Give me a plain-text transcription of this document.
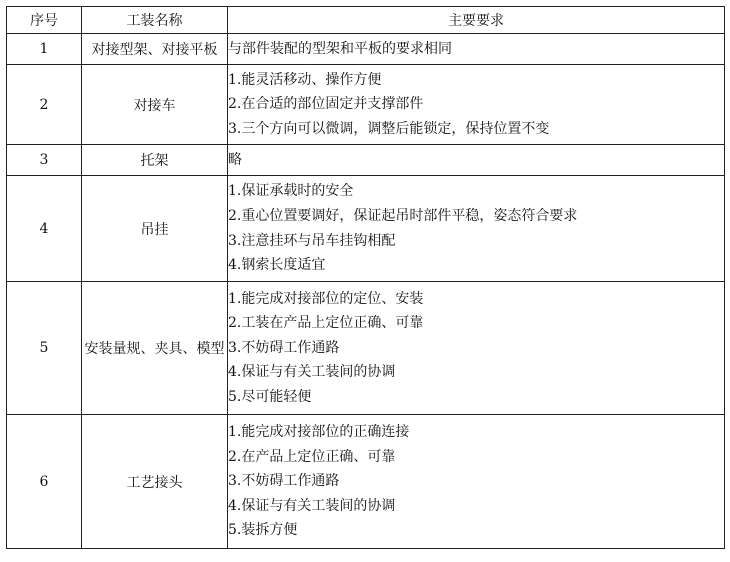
序号	工装名称	主要要求
1	对接型架、对接平板	与部件装配的型架和平板的要求相同

2	对接车	1.能灵活移动、操作方便
2.在合适的部位固定并支撑部件
3.三个方向可以微调，调整后能锁定，保持位置不变

3	托架	略

4	吊挂	1.保证承载时的安全
2.重心位置要调好，保证起吊时部件平稳，姿态符合要求
3.注意挂环与吊车挂钩相配
4.钢索长度适宜

5	安装量规、夹具、模型	1.能完成对接部位的定位、安装
2.工装在产品上定位正确、可靠
3.不妨碍工作通路
4.保证与有关工装间的协调
5.尽可能轻便

6	工艺接头	1.能完成对接部位的正确连接
2.在产品上定位正确、可靠
3.不妨碍工作通路
4.保证与有关工装间的协调
5.装拆方便
